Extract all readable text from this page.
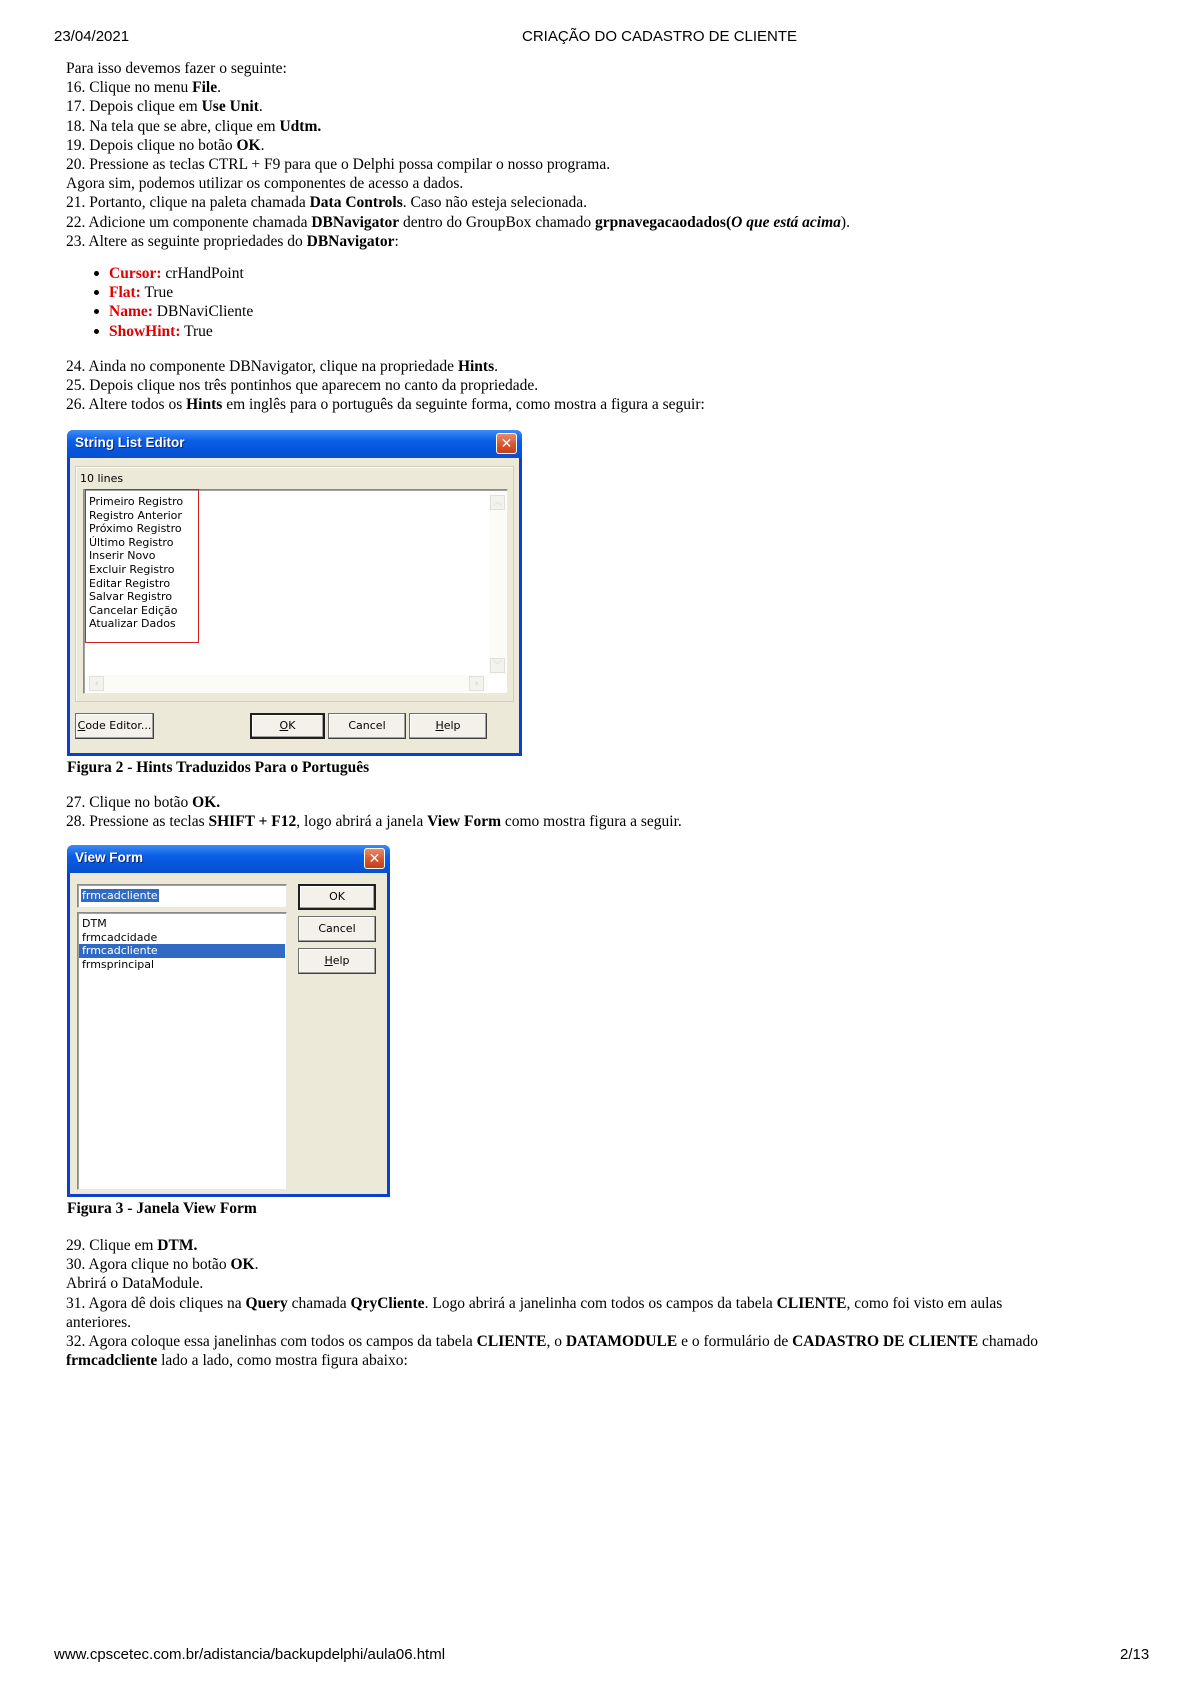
23/04/2021	CRIAÇÃO DO CADASTRO DE CLIENTE
Para isso devemos fazer o seguinte:
16. Clique no menu File.
17. Depois clique em Use Unit.
18. Na tela que se abre, clique em Udtm.
19. Depois clique no botão OK.
20. Pressione as teclas CTRL + F9 para que o Delphi possa compilar o nosso programa.
Agora sim, podemos utilizar os componentes de acesso a dados.
21. Portanto, clique na paleta chamada Data Controls. Caso não esteja selecionada.
22. Adicione um componente chamada DBNavigator dentro do GroupBox chamado grpnavegacaodados(O que está acima).
23. Altere as seguinte propriedades do DBNavigator:
Cursor: crHandPoint
Flat: True
Name: DBNaviCliente
ShowHint: True
24. Ainda no componente DBNavigator, clique na propriedade Hints.
25. Depois clique nos três pontinhos que aparecem no canto da propriedade.
26. Altere todos os Hints em inglês para o português da seguinte forma, como mostra a figura a seguir:
String List Editor	✕
10 lines
Primeiro Registro
Registro Anterior
Próximo Registro
Último Registro
Inserir Novo
Excluir Registro
Editar Registro
Salvar Registro
Cancelar Edição
Atualizar Dados
︿
﹀
‹	›
Code Editor...	OK	Cancel	Help
Figura 2 - Hints Traduzidos Para o Português
27. Clique no botão OK.
28. Pressione as teclas SHIFT + F12, logo abrirá a janela View Form como mostra figura a seguir.
View Form	✕
frmcadcliente
DTM
frmcadcidade
frmcadcliente
frmsprincipal
OK
Cancel
Help
Figura 3 - Janela View Form
29. Clique em DTM.
30. Agora clique no botão OK.
Abrirá o DataModule.
31. Agora dê dois cliques na Query chamada QryCliente. Logo abrirá a janelinha com todos os campos da tabela CLIENTE, como foi visto em aulas
anteriores.
32. Agora coloque essa janelinhas com todos os campos da tabela CLIENTE, o DATAMODULE e o formulário de CADASTRO DE CLIENTE chamado
frmcadcliente lado a lado, como mostra figura abaixo:
www.cpscetec.com.br/adistancia/backupdelphi/aula06.html	2/13
